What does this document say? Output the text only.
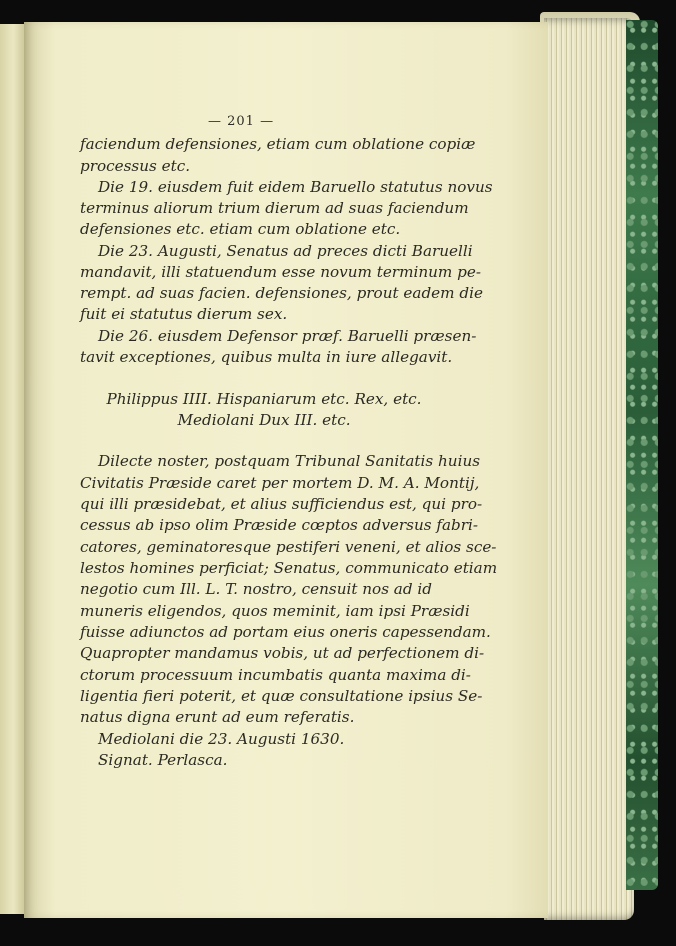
— 201 —
faciendum defensiones, etiam cum oblatione copiæ
processus etc.
Die 19. eiusdem fuit eidem Baruello statutus novus
terminus aliorum trium dierum ad suas faciendum
defensiones etc. etiam cum oblatione etc.
Die 23. Augusti, Senatus ad preces dicti Baruelli
mandavit, illi statuendum esse novum terminum pe-
rempt. ad suas facien. defensiones, prout eadem die
fuit ei statutus dierum sex.
Die 26. eiusdem Defensor præf. Baruelli præsen-
tavit exceptiones, quibus multa in iure allegavit.
Philippus IIII. Hispaniarum etc. Rex, etc.
Mediolani Dux III. etc.
Dilecte noster, postquam Tribunal Sanitatis huius
Civitatis Præside caret per mortem D. M. A. Montij,
qui illi præsidebat, et alius sufficiendus est, qui pro-
cessus ab ipso olim Præside cœptos adversus fabri-
catores, geminatoresque pestiferi veneni, et alios sce-
lestos homines perficiat; Senatus, communicato etiam
negotio cum Ill. L. T. nostro, censuit nos ad id
muneris eligendos, quos meminit, iam ipsi Præsidi
fuisse adiunctos ad portam eius oneris capessendam.
Quapropter mandamus vobis, ut ad perfectionem di-
ctorum processuum incumbatis quanta maxima di-
ligentia fieri poterit, et quæ consultatione ipsius Se-
natus digna erunt ad eum referatis.
Mediolani die 23. Augusti 1630.
Signat. Perlasca.
